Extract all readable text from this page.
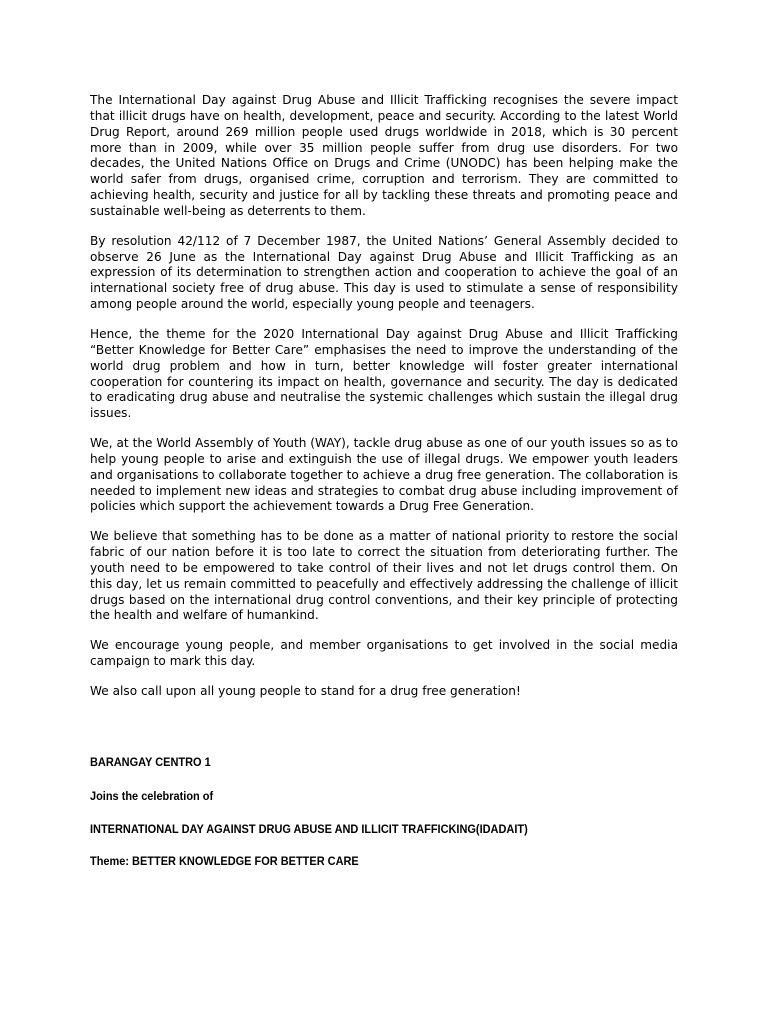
The International Day against Drug Abuse and Illicit Trafficking recognises the severe impact that illicit drugs have on health, development, peace and security. According to the latest World Drug Report, around 269 million people used drugs worldwide in 2018, which is 30 percent more than in 2009, while over 35 million people suffer from drug use disorders. For two decades, the United Nations Office on Drugs and Crime (UNODC) has been helping make the world safer from drugs, organised crime, corruption and terrorism. They are committed to achieving health, security and justice for all by tackling these threats and promoting peace and sustainable well-being as deterrents to them.

By resolution 42/112 of 7 December 1987, the United Nations’ General Assembly decided to observe 26 June as the International Day against Drug Abuse and Illicit Trafficking as an expression of its determination to strengthen action and cooperation to achieve the goal of an international society free of drug abuse. This day is used to stimulate a sense of responsibility among people around the world, especially young people and teenagers.

Hence, the theme for the 2020 International Day against Drug Abuse and Illicit Trafficking “Better Knowledge for Better Care” emphasises the need to improve the understanding of the world drug problem and how in turn, better knowledge will foster greater international cooperation for countering its impact on health, governance and security. The day is dedicated to eradicating drug abuse and neutralise the systemic challenges which sustain the illegal drug issues.

We, at the World Assembly of Youth (WAY), tackle drug abuse as one of our youth issues so as to help young people to arise and extinguish the use of illegal drugs. We empower youth leaders and organisations to collaborate together to achieve a drug free generation. The collaboration is needed to implement new ideas and strategies to combat drug abuse including improvement of policies which support the achievement towards a Drug Free Generation.

We believe that something has to be done as a matter of national priority to restore the social fabric of our nation before it is too late to correct the situation from deteriorating further. The youth need to be empowered to take control of their lives and not let drugs control them. On this day, let us remain committed to peacefully and effectively addressing the challenge of illicit drugs based on the international drug control conventions, and their key principle of protecting the health and welfare of humankind.

We encourage young people, and member organisations to get involved in the social media campaign to mark this day.

We also call upon all young people to stand for a drug free generation!

BARANGAY CENTRO 1

Joins the celebration of

INTERNATIONAL DAY AGAINST DRUG ABUSE AND ILLICIT TRAFFICKING(IDADAIT)

Theme: BETTER KNOWLEDGE FOR BETTER CARE
